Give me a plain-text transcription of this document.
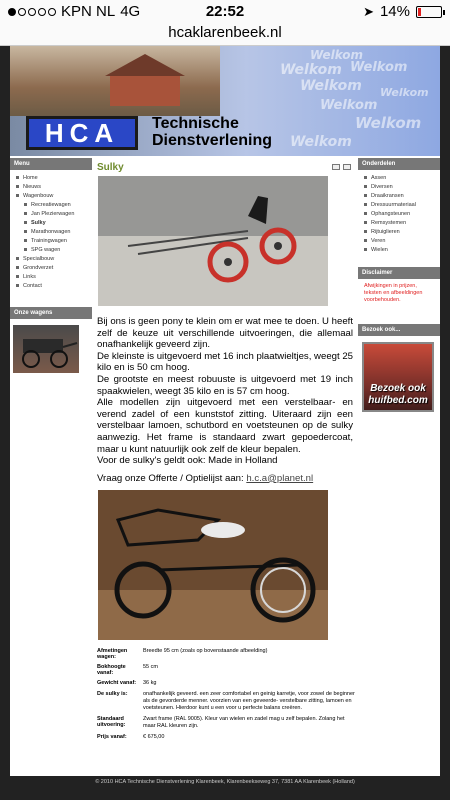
KPN NL 4G	22:52	➤ 14%
hcaklarenbeek.nl
Welkom
Welkom Welkom
Welkom
Welkom
Welkom
Welkom
Welkom
HCA	Technische
Dienstverlening
Menu
Home
Nieuws
Wagenbouw
Recreatiewagen
Jan Plezierwagen
Sulky
Marathonwagen
Trainingwagen
SPG wagen
Specialbouw
Grondverzet
Links
Contact
Onze wagens
Sulky

Bij ons is geen pony te klein om er wat mee te doen. U heeft zelf de keuze uit verschillende uitvoeringen, die allemaal onafhankelijk geveerd zijn.

De kleinste is uitgevoerd met 16 inch plaatwieltjes, weegt 25 kilo en is 50 cm hoog.

De grootste en meest robuuste is uitgevoerd met 19 inch spaakwielen, weegt 35 kilo en is 57 cm hoog.

Alle modellen zijn uitgevoerd met een verstelbaar- en verend zadel of een kunststof zitting. Uiteraard zijn een verstelbaar lamoen, schutbord en voetsteunen op de sulky aanwezig. Het frame is standaard zwart gepoedercoat, maar u kunt natuurlijk ook zelf de kleur bepalen.

Voor de sulky's geldt ook: Made in Holland

Vraag onze Offerte / Optielijst aan: h.c.a@planet.nl

Afmetingen wagen:
Breedte 95 cm (zoals op bovenstaande afbeelding)
Bokhoogte vanaf:
55 cm
Gewicht vanaf:	36 kg
De sulky is:	onafhankelijk geveerd. een zeer comfortabel en geinig karretje, voor zowel de beginner als de gevorderde menner. voorzien van een geveerde- verstelbare zitting, lamoen en voetsteunen. Hierdoor kunt u een voor u perfecte balans creëren.
Standaard uitvoering:
Zwart frame (RAL 9005). Kleur van wielen en zadel mag u zelf bepalen. Zolang het maar RAL kleuren zijn.
Prijs vanaf:	€ 675,00
Onderdelen
Assen
Diversen
Draaikransen
Dressuurmateriaal
Ophangsteunen
Remsystemen
Rijtuiglieren
Veren
Wielen
Disclaimer
Afwijkingen in prijzen, teksten en afbeeldingen voorbehouden.
Bezoek ook...
Bezoek ook
huifbed.com
© 2010 HCA Technische Dienstverlening Klarenbeek, Klarenbeekseweg 37, 7381 AA Klarenbeek (Holland)
